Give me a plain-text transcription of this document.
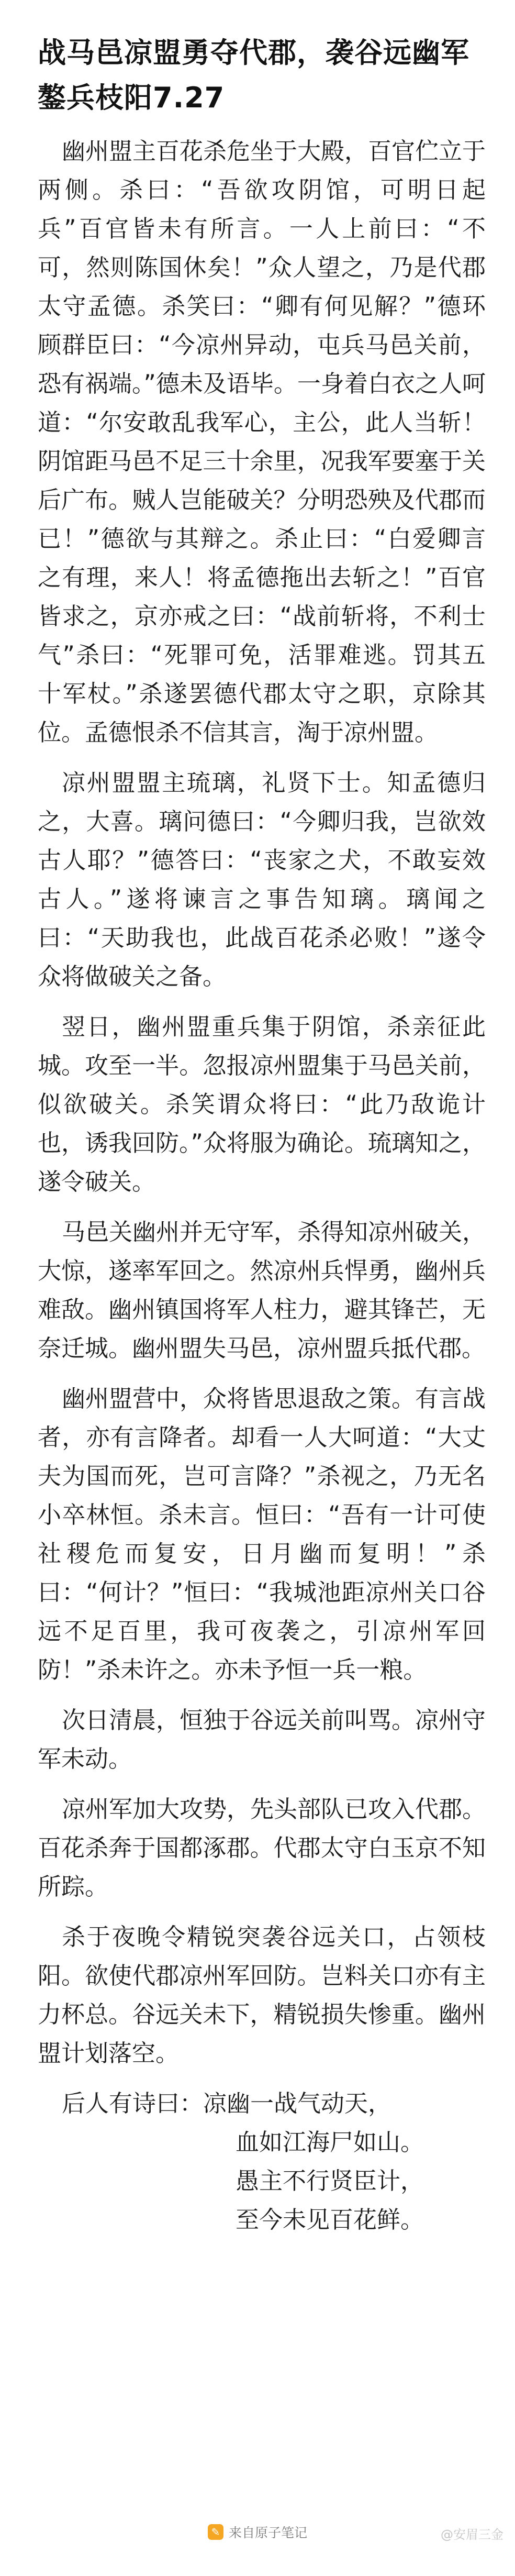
战马邑凉盟勇夺代郡，袭谷远幽军鏊兵枝阳7.27

幽州盟主百花杀危坐于大殿，百官伫立于两侧。杀曰：“吾欲攻阴馆，可明日起兵”百官皆未有所言。一人上前曰：“不可，然则陈国休矣！”众人望之，乃是代郡太守孟德。杀笑曰：“卿有何见解？”德环顾群臣曰：“今凉州异动，屯兵马邑关前，恐有祸端。”德未及语毕。一身着白衣之人呵道：“尔安敢乱我军心，主公，此人当斩！阴馆距马邑不足三十余里，况我军要塞于关后广布。贼人岂能破关？分明恐殃及代郡而已！”德欲与其辩之。杀止曰：“白爱卿言之有理，来人！将孟德拖出去斩之！”百官皆求之，京亦戒之曰：“战前斩将，不利士气”杀曰：“死罪可免，活罪难逃。罚其五十军杖。”杀遂罢德代郡太守之职，京除其位。孟德恨杀不信其言，淘于凉州盟。

凉州盟盟主琉璃，礼贤下士。知孟德归之，大喜。璃问德曰：“今卿归我，岂欲效古人耶？”德答曰：“丧家之犬，不敢妄效古人。”遂将谏言之事告知璃。璃闻之曰：“天助我也，此战百花杀必败！”遂令众将做破关之备。

翌日，幽州盟重兵集于阴馆，杀亲征此城。攻至一半。忽报凉州盟集于马邑关前，似欲破关。杀笑谓众将曰：“此乃敌诡计也，诱我回防。”众将服为确论。琉璃知之，遂令破关。

马邑关幽州并无守军，杀得知凉州破关，大惊，遂率军回之。然凉州兵悍勇，幽州兵难敌。幽州镇国将军人柱力，避其锋芒，无奈迁城。幽州盟失马邑，凉州盟兵抵代郡。

幽州盟营中，众将皆思退敌之策。有言战者，亦有言降者。却看一人大呵道：“大丈夫为国而死，岂可言降？”杀视之，乃无名小卒林恒。杀未言。恒曰：“吾有一计可使社稷危而复安，日月幽而复明！”杀曰：“何计？”恒曰：“我城池距凉州关口谷远不足百里，我可夜袭之，引凉州军回防！”杀未许之。亦未予恒一兵一粮。

次日清晨，恒独于谷远关前叫骂。凉州守军未动。

凉州军加大攻势，先头部队已攻入代郡。百花杀奔于国都涿郡。代郡太守白玉京不知所踪。

杀于夜晚令精锐突袭谷远关口，占领枝阳。欲使代郡凉州军回防。岂料关口亦有主力杯总。谷远关未下，精锐损失惨重。幽州盟计划落空。

后人有诗曰：凉幽一战气动天，

血如江海尸如山。

愚主不行贤臣计，

至今未见百花鲜。

✎ 来自原子笔记	@安眉三金
